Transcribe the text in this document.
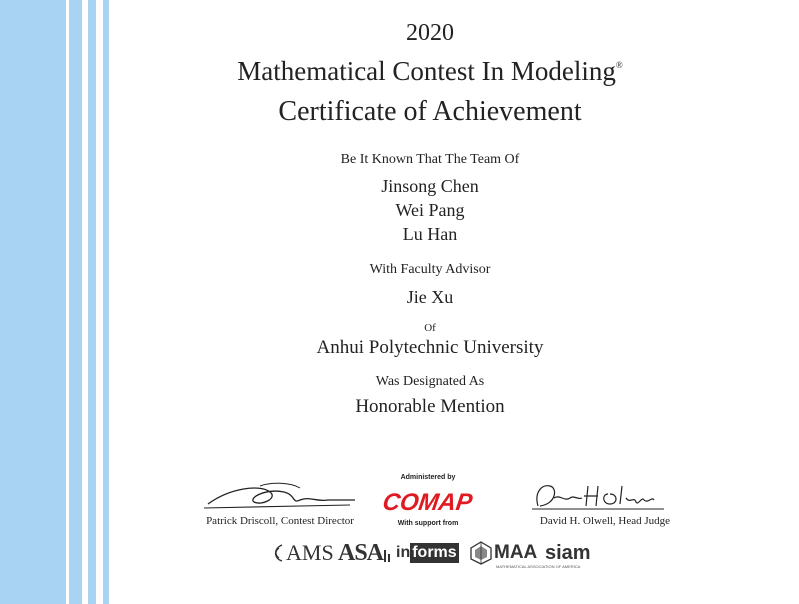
2020
Mathematical Contest In Modeling®
Certificate of Achievement
Be It Known That The Team Of
Jinsong Chen
Wei Pang
Lu Han
With Faculty Advisor
Jie Xu
Of
Anhui Polytechnic University
Was Designated As
Honorable Mention
Patrick Driscoll, Contest Director	David H. Olwell, Head Judge
Administered by
COMAP
With support from
AMS ASA in forms MAA
MATHEMATICAL ASSOCIATION OF AMERICA
siam
